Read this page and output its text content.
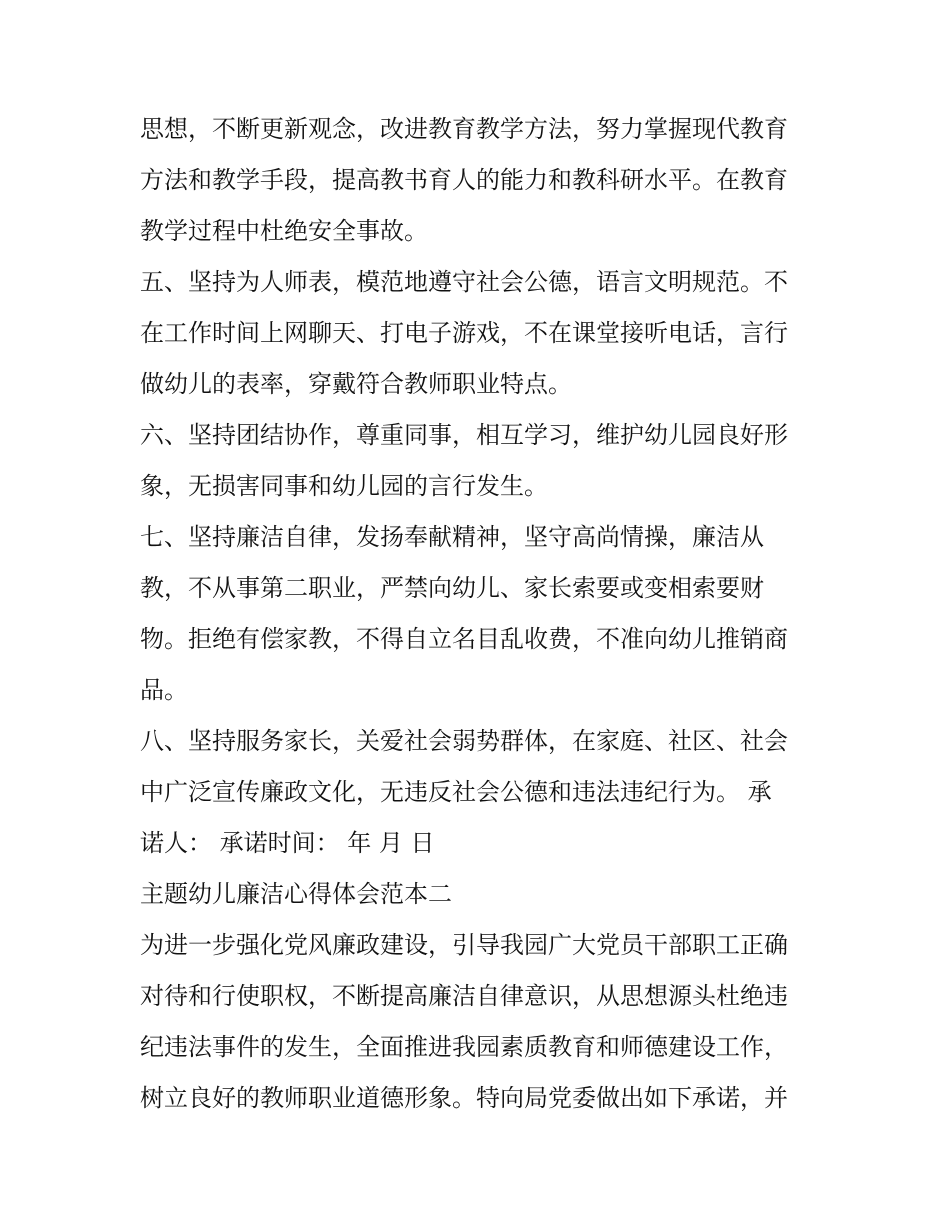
思想，不断更新观念，改进教育教学方法，努力掌握现代教育
方法和教学手段，提高教书育人的能力和教科研水平。在教育
教学过程中杜绝安全事故。
五、坚持为人师表，模范地遵守社会公德，语言文明规范。不
在工作时间上网聊天、打电子游戏，不在课堂接听电话，言行
做幼儿的表率，穿戴符合教师职业特点。
六、坚持团结协作，尊重同事，相互学习，维护幼儿园良好形
象，无损害同事和幼儿园的言行发生。
七、坚持廉洁自律，发扬奉献精神，坚守高尚情操，廉洁从
教，不从事第二职业，严禁向幼儿、家长索要或变相索要财
物。拒绝有偿家教，不得自立名目乱收费，不准向幼儿推销商
品。
八、坚持服务家长，关爱社会弱势群体，在家庭、社区、社会
中广泛宣传廉政文化，无违反社会公德和违法违纪行为。 承
诺人： 承诺时间： 年 月 日
主题幼儿廉洁心得体会范本二
为进一步强化党风廉政建设，引导我园广大党员干部职工正确
对待和行使职权，不断提高廉洁自律意识，从思想源头杜绝违
纪违法事件的发生，全面推进我园素质教育和师德建设工作，
树立良好的教师职业道德形象。特向局党委做出如下承诺，并
